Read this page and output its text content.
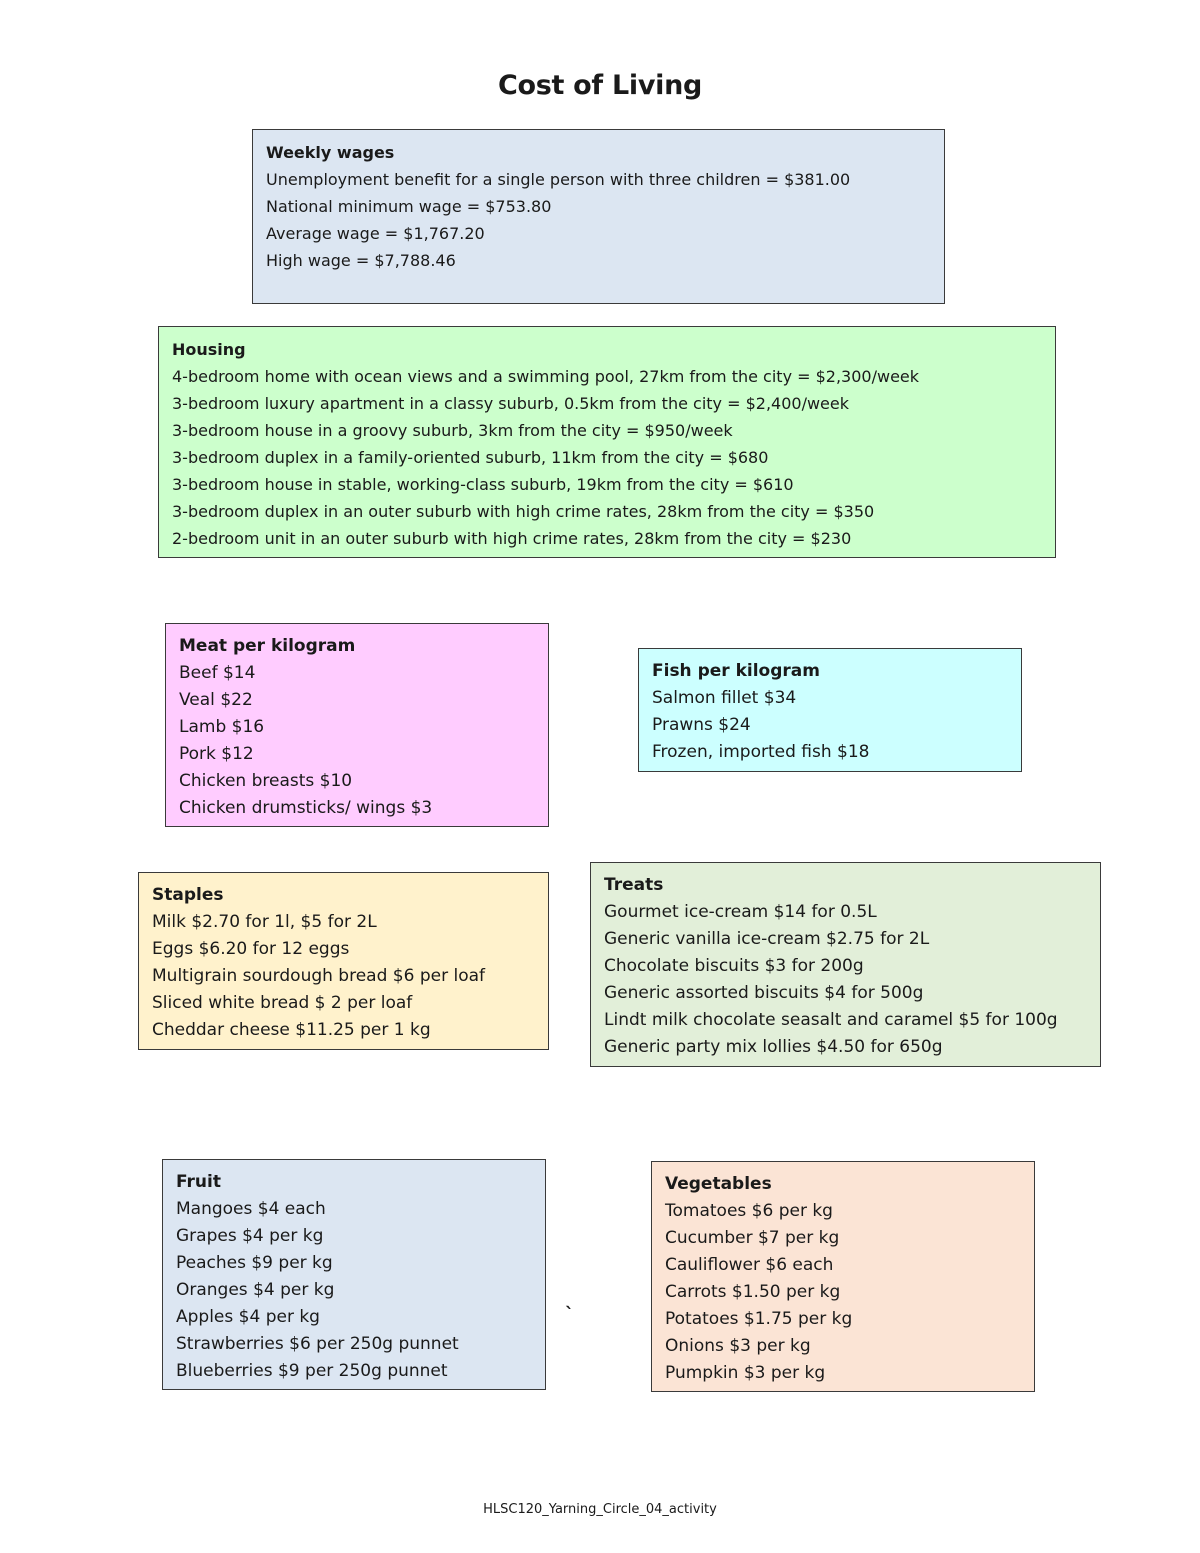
Cost of Living
Weekly wages
Unemployment benefit for a single person with three children = $381.00
National minimum wage = $753.80
Average wage = $1,767.20
High wage = $7,788.46
Housing
4-bedroom home with ocean views and a swimming pool, 27km from the city = $2,300/week
3-bedroom luxury apartment in a classy suburb, 0.5km from the city = $2,400/week
3-bedroom house in a groovy suburb, 3km from the city = $950/week
3-bedroom duplex in a family-oriented suburb, 11km from the city = $680
3-bedroom house in stable, working-class suburb, 19km from the city = $610
3-bedroom duplex in an outer suburb with high crime rates, 28km from the city = $350
2-bedroom unit in an outer suburb with high crime rates, 28km from the city = $230
Meat per kilogram
Beef $14
Veal $22
Lamb $16
Pork $12
Chicken breasts $10
Chicken drumsticks/ wings $3
Fish per kilogram
Salmon fillet $34
Prawns $24
Frozen, imported fish $18
Staples
Milk $2.70 for 1l, $5 for 2L
Eggs $6.20 for 12 eggs
Multigrain sourdough bread $6 per loaf
Sliced white bread $ 2 per loaf
Cheddar cheese $11.25 per 1 kg
Treats
Gourmet ice-cream $14 for 0.5L
Generic vanilla ice-cream $2.75 for 2L
Chocolate biscuits $3 for 200g
Generic assorted biscuits $4 for 500g
Lindt milk chocolate seasalt and caramel $5 for 100g
Generic party mix lollies $4.50 for 650g
Fruit
Mangoes $4 each
Grapes $4 per kg
Peaches $9 per kg
Oranges $4 per kg
Apples $4 per kg
Strawberries $6 per 250g punnet
Blueberries $9 per 250g punnet
`
Vegetables
Tomatoes $6 per kg
Cucumber $7 per kg
Cauliflower $6 each
Carrots $1.50 per kg
Potatoes $1.75 per kg
Onions $3 per kg
Pumpkin $3 per kg
HLSC120_Yarning_Circle_04_activity
